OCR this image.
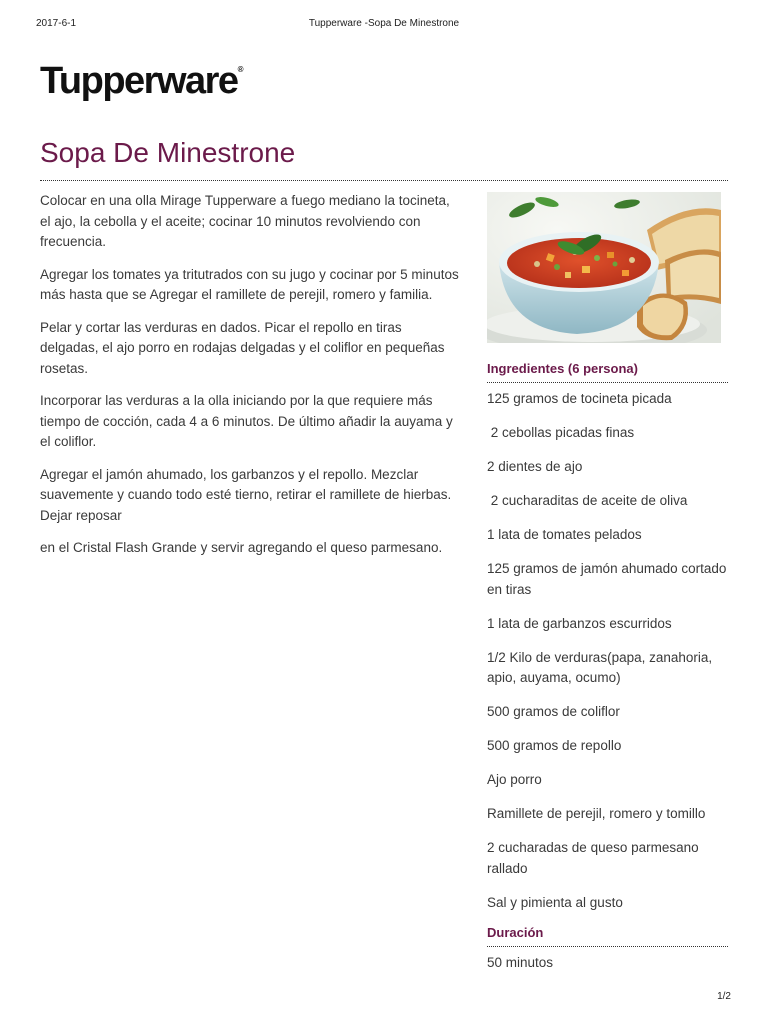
2017-6-1	Tupperware -Sopa De Minestrone
Tupperware®
Sopa De Minestrone

Colocar en una olla Mirage Tupperware a fuego mediano la tocineta, el ajo, la cebolla y el aceite; cocinar 10 minutos revolviendo con frecuencia.

Agregar los tomates ya tritutrados con su jugo y cocinar por 5 minutos más hasta que se Agregar el ramillete de perejil, romero y familia.

Pelar y cortar las verduras en dados. Picar el repollo en tiras delgadas, el ajo porro en rodajas delgadas y el coliflor en pequeñas rosetas.

Incorporar las verduras a la olla iniciando por la que requiere más tiempo de cocción, cada 4 a 6 minutos. De último añadir la auyama y el coliflor.

Agregar el jamón ahumado, los garbanzos y el repollo. Mezclar suavemente y cuando todo esté tierno, retirar el ramillete de hierbas. Dejar reposar

en el Cristal Flash Grande y servir agregando el queso parmesano.

Ingredientes (6 persona)
125 gramos de tocineta picada
2 cebollas picadas finas
2 dientes de ajo
2 cucharaditas de aceite de oliva
1 lata de tomates pelados
125 gramos de jamón ahumado cortado en tiras
1 lata de garbanzos escurridos
1/2 Kilo de verduras(papa, zanahoria, apio, auyama, ocumo)
500 gramos de coliflor
500 gramos de repollo
Ajo porro
Ramillete de perejil, romero y tomillo
2 cucharadas de queso parmesano rallado
Sal y pimienta al gusto
Duración

50 minutos

1/2
